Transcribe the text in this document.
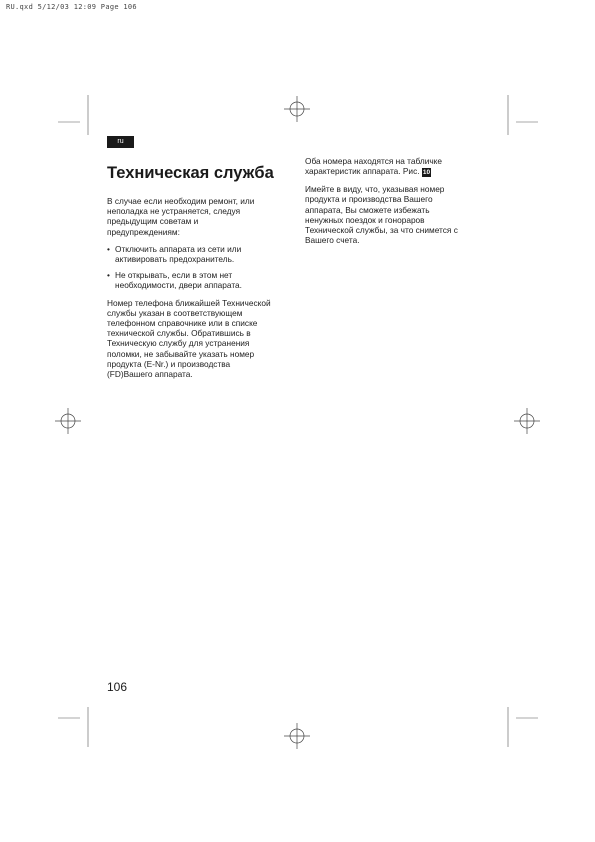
RU.qxd 5/12/03 12:09 Page 106
ru
Техническая служба

В случае если необходим ремонт, или
неполадка не устраняется, следуя
предыдущим советам и
предупреждениям:

• Отключить аппарата из сети или
активировать предохранитель.
• Не открывать, если в этом нет
необходимости, двери аппарата.

Номер телефона ближайшей Технической
службы указан в соответствующем
телефонном справочнике или в списке
технической службы. Обратившись в
Техническую службу для устранения
поломки, не забывайте указать номер
продукта (E-Nr.) и производства
(FD)Вашего аппарата.

Оба номера находятся на табличке
характеристик аппарата. Рис. 10

Имейте в виду, что, указывая номер
продукта и производства Вашего
аппарата, Вы сможете избежать
ненужных поездок и гонораров
Технической службы, за что снимется с
Вашего счета.

106
